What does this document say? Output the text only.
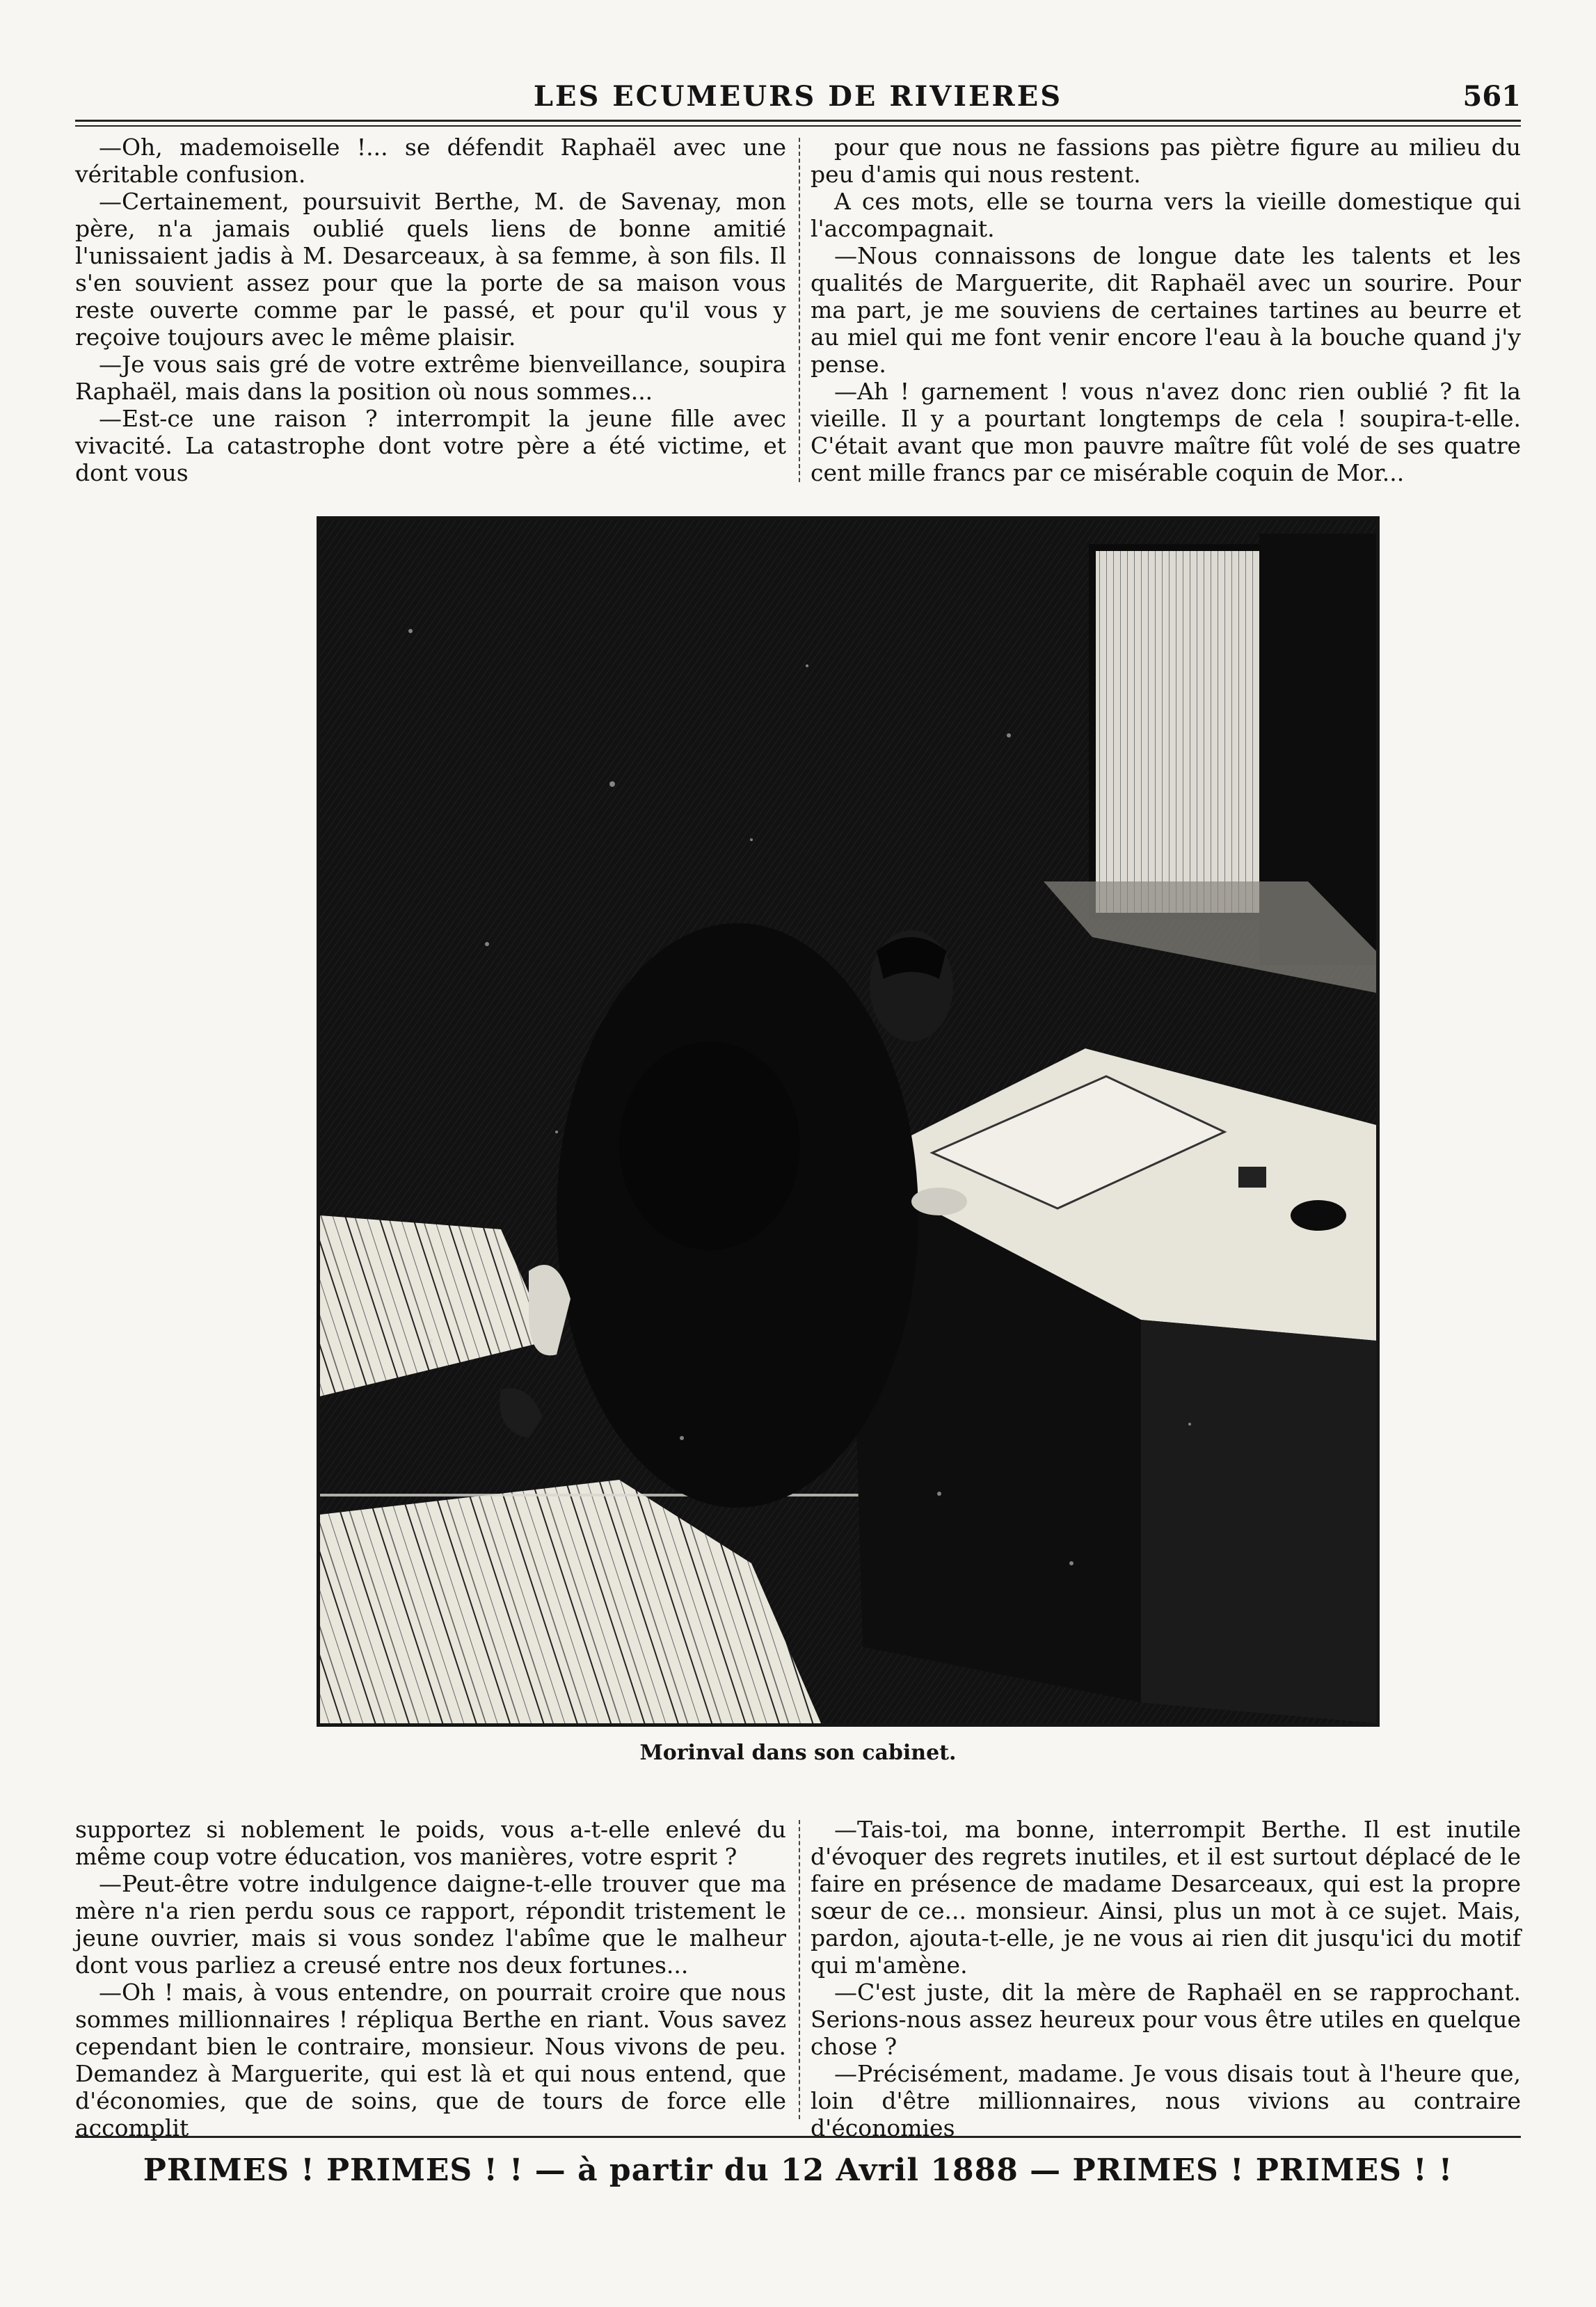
LES ECUMEURS DE RIVIERES	561

—Oh, mademoiselle !... se défendit Raphaël avec une véritable confusion.

—Certainement, poursuivit Berthe, M. de Savenay, mon père, n'a jamais oublié quels liens de bonne amitié l'unissaient jadis à M. Desarceaux, à sa femme, à son fils. Il s'en souvient assez pour que la porte de sa maison vous reste ouverte comme par le passé, et pour qu'il vous y reçoive toujours avec le même plaisir.

—Je vous sais gré de votre extrême bienveillance, soupira Raphaël, mais dans la position où nous sommes...

—Est-ce une raison ? interrompit la jeune fille avec vivacité. La catastrophe dont votre père a été victime, et dont vous

pour que nous ne fassions pas piètre figure au milieu du peu d'amis qui nous restent.

A ces mots, elle se tourna vers la vieille domestique qui l'accompagnait.

—Nous connaissons de longue date les talents et les qualités de Marguerite, dit Raphaël avec un sourire. Pour ma part, je me souviens de certaines tartines au beurre et au miel qui me font venir encore l'eau à la bouche quand j'y pense.

—Ah ! garnement ! vous n'avez donc rien oublié ? fit la vieille. Il y a pourtant longtemps de cela ! soupira-t-elle. C'était avant que mon pauvre maître fût volé de ses quatre cent mille francs par ce misérable coquin de Mor...

Morinval dans son cabinet.

supportez si noblement le poids, vous a-t-elle enlevé du même coup votre éducation, vos manières, votre esprit ?

—Peut-être votre indulgence daigne-t-elle trouver que ma mère n'a rien perdu sous ce rapport, répondit tristement le jeune ouvrier, mais si vous sondez l'abîme que le malheur dont vous parliez a creusé entre nos deux fortunes...

—Oh ! mais, à vous entendre, on pourrait croire que nous sommes millionnaires ! répliqua Berthe en riant. Vous savez cependant bien le contraire, monsieur. Nous vivons de peu. Demandez à Marguerite, qui est là et qui nous entend, que d'économies, que de soins, que de tours de force elle accomplit

—Tais-toi, ma bonne, interrompit Berthe. Il est inutile d'évoquer des regrets inutiles, et il est surtout déplacé de le faire en présence de madame Desarceaux, qui est la propre sœur de ce... monsieur. Ainsi, plus un mot à ce sujet. Mais, pardon, ajouta-t-elle, je ne vous ai rien dit jusqu'ici du motif qui m'amène.

—C'est juste, dit la mère de Raphaël en se rapprochant. Serions-nous assez heureux pour vous être utiles en quelque chose ?

—Précisément, madame. Je vous disais tout à l'heure que, loin d'être millionnaires, nous vivions au contraire d'économies

PRIMES ! PRIMES ! ! — à partir du 12 Avril 1888 — PRIMES ! PRIMES ! !
